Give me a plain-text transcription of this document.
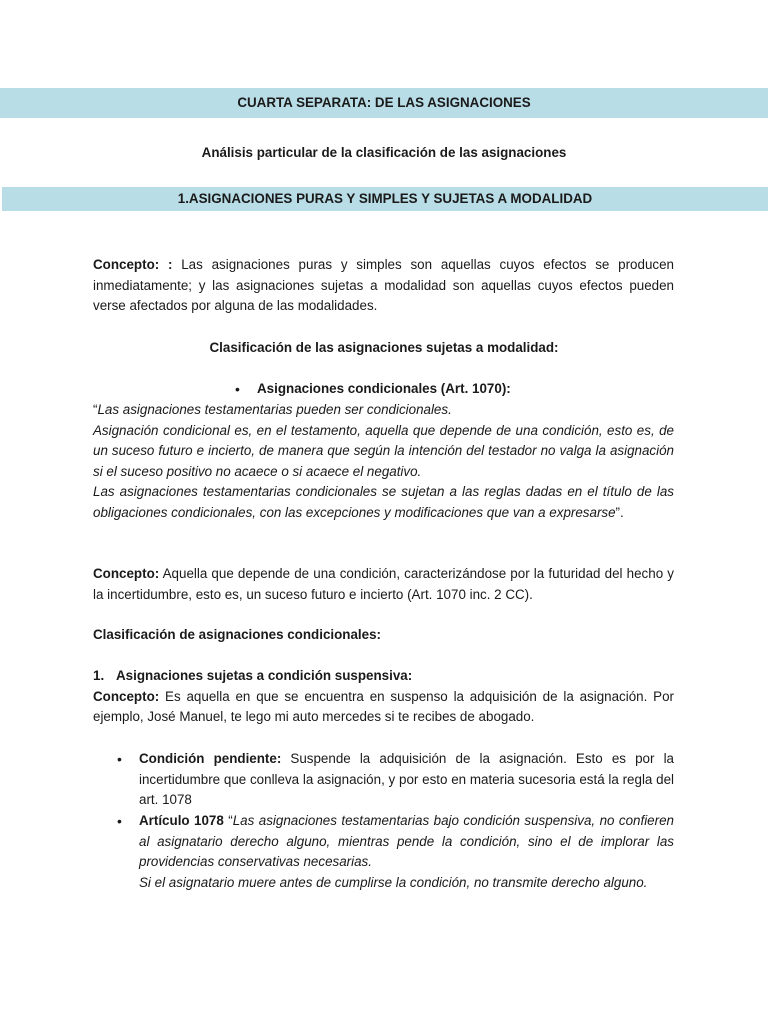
CUARTA SEPARATA: DE LAS ASIGNACIONES
Análisis particular de la clasificación de las asignaciones
1.ASIGNACIONES PURAS Y SIMPLES Y SUJETAS A MODALIDAD

Concepto: : Las asignaciones puras y simples son aquellas cuyos efectos se producen inmediatamente; y las asignaciones sujetas a modalidad son aquellas cuyos efectos pueden verse afectados por alguna de las modalidades.

Clasificación de las asignaciones sujetas a modalidad:
• Asignaciones condicionales (Art. 1070):

“Las asignaciones testamentarias pueden ser condicionales.

Asignación condicional es, en el testamento, aquella que depende de una condición, esto es, de un suceso futuro e incierto, de manera que según la intención del testador no valga la asignación si el suceso positivo no acaece o si acaece el negativo.

Las asignaciones testamentarias condicionales se sujetan a las reglas dadas en el título de las obligaciones condicionales, con las excepciones y modificaciones que van a expresarse”.

Concepto: Aquella que depende de una condición, caracterizándose por la futuridad del hecho y la incertidumbre, esto es, un suceso futuro e incierto (Art. 1070 inc. 2 CC).

Clasificación de asignaciones condicionales:

1. Asignaciones sujetas a condición suspensiva:

Concepto: Es aquella en que se encuentra en suspenso la adquisición de la asignación. Por ejemplo, José Manuel, te lego mi auto mercedes si te recibes de abogado.

• Condición pendiente: Suspende la adquisición de la asignación. Esto es por la incertidumbre que conlleva la asignación, y por esto en materia sucesoria está la regla del art. 1078

• Artículo 1078 “Las asignaciones testamentarias bajo condición suspensiva, no confieren al asignatario derecho alguno, mientras pende la condición, sino el de implorar las providencias conservativas necesarias.

Si el asignatario muere antes de cumplirse la condición, no transmite derecho alguno.
